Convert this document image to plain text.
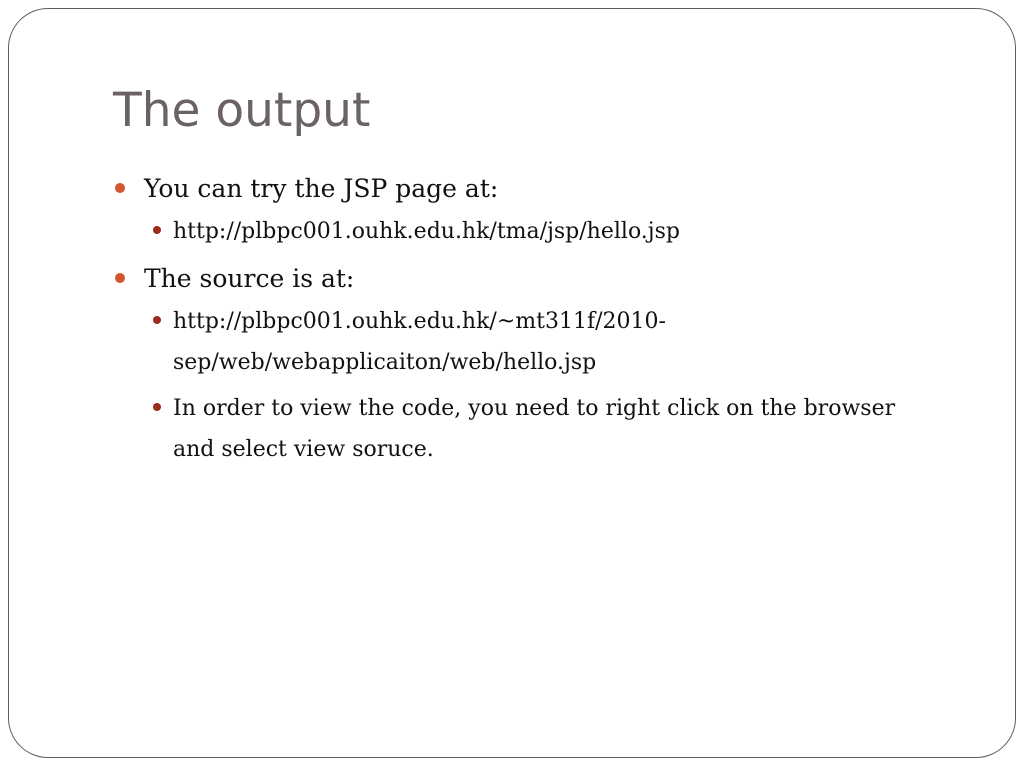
The output
You can try the JSP page at:
http://plbpc001.ouhk.edu.hk/tma/jsp/hello.jsp
The source is at:
http://plbpc001.ouhk.edu.hk/~mt311f/2010-sep/web/webapplicaiton/web/hello.jsp
In order to view the code, you need to right click on the browser and select view soruce.
